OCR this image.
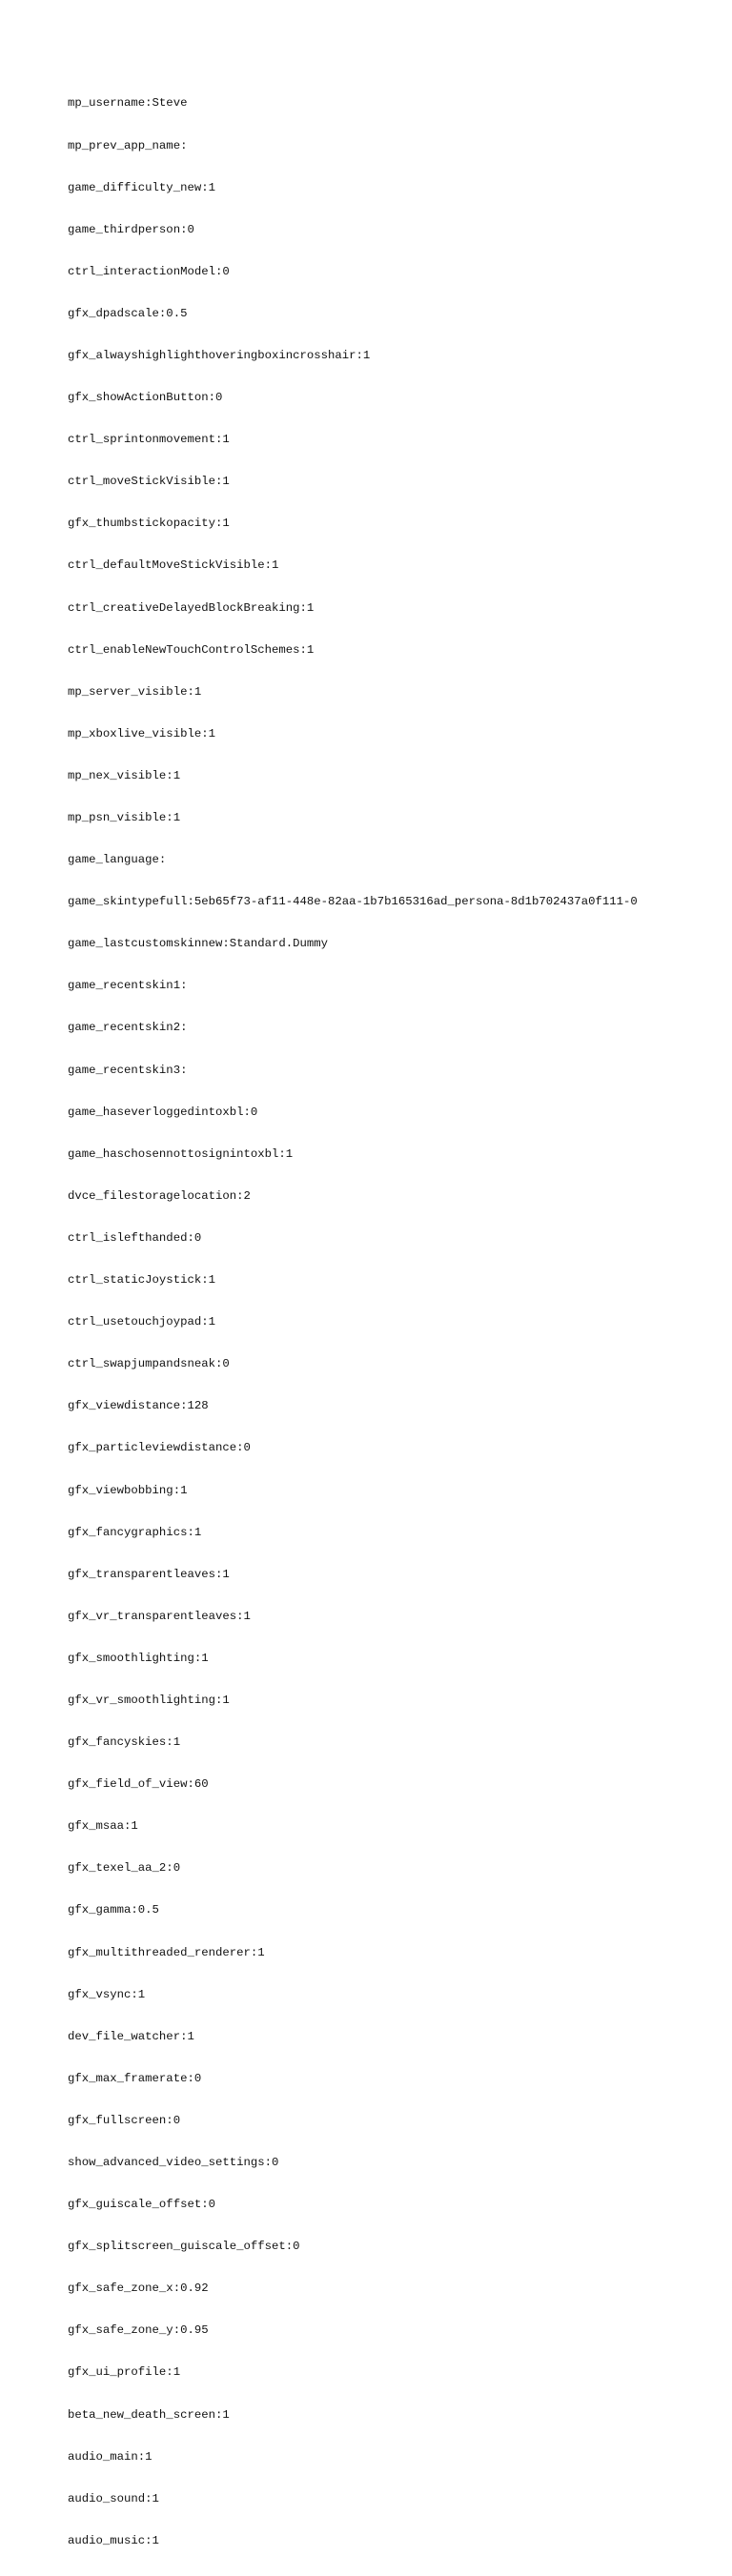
mp_username:Steve

mp_prev_app_name:

game_difficulty_new:1

game_thirdperson:0

ctrl_interactionModel:0

gfx_dpadscale:0.5

gfx_alwayshighlighthoveringboxincrosshair:1

gfx_showActionButton:0

ctrl_sprintonmovement:1

ctrl_moveStickVisible:1

gfx_thumbstickopacity:1

ctrl_defaultMoveStickVisible:1

ctrl_creativeDelayedBlockBreaking:1

ctrl_enableNewTouchControlSchemes:1

mp_server_visible:1

mp_xboxlive_visible:1

mp_nex_visible:1

mp_psn_visible:1

game_language:

game_skintypefull:5eb65f73-af11-448e-82aa-1b7b165316ad_persona-8d1b702437a0f111-0

game_lastcustomskinnew:Standard.Dummy

game_recentskin1:

game_recentskin2:

game_recentskin3:

game_haseverloggedintoxbl:0

game_haschosennottosignintoxbl:1

dvce_filestoragelocation:2

ctrl_islefthanded:0

ctrl_staticJoystick:1

ctrl_usetouchjoypad:1

ctrl_swapjumpandsneak:0

gfx_viewdistance:128

gfx_particleviewdistance:0

gfx_viewbobbing:1

gfx_fancygraphics:1

gfx_transparentleaves:1

gfx_vr_transparentleaves:1

gfx_smoothlighting:1

gfx_vr_smoothlighting:1

gfx_fancyskies:1

gfx_field_of_view:60

gfx_msaa:1

gfx_texel_aa_2:0

gfx_gamma:0.5

gfx_multithreaded_renderer:1

gfx_vsync:1

dev_file_watcher:1

gfx_max_framerate:0

gfx_fullscreen:0

show_advanced_video_settings:0

gfx_guiscale_offset:0

gfx_splitscreen_guiscale_offset:0

gfx_safe_zone_x:0.92

gfx_safe_zone_y:0.95

gfx_ui_profile:1

beta_new_death_screen:1

audio_main:1

audio_sound:1

audio_music:1
